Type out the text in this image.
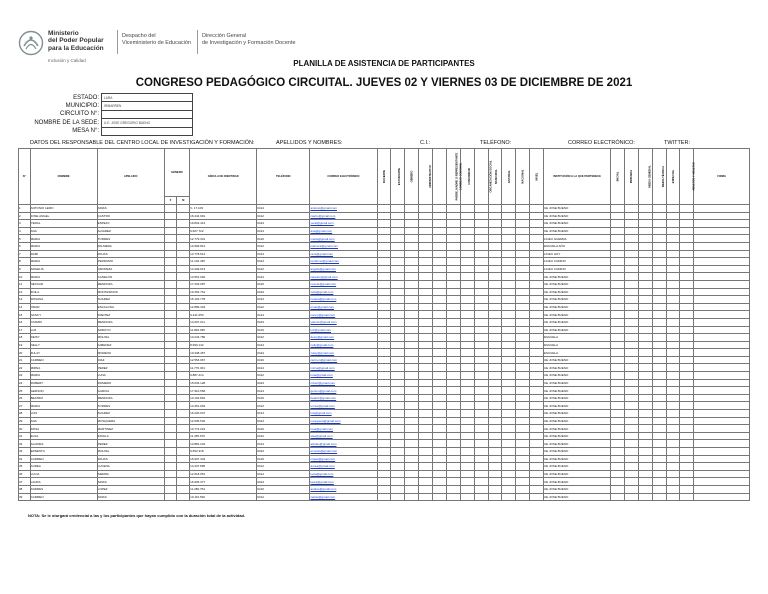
Ministerio
del Poder Popular
para la Educación
Inclusión y Calidad
Despacho del
Viceministerio de Educación
Dirección General
de Investigación y Formación Docente
PLANILLA DE ASISTENCIA DE PARTICIPANTES
CONGRESO PEDAGÓGICO CIRCUITAL. JUEVES 02 Y VIERNES 03 DE DICIEMBRE DE 2021
ESTADO:	LARA
MUNICIPIO:	IRIBARREN
CIRCUITO N°:	
NOMBRE DE LA SEDE:	U.E. JOSE GREGORIO BUENO
MESA N°:	
DATOS DEL RESPONSABLE DEL CENTRO LOCAL DE INVESTIGACIÓN Y FORMACIÓN:	APELLIDOS Y NOMBRES:	C.I.:	TELÉFONO:	CORREO ELECTRÓNICO:	TWITTER:
N°	NOMBRE	APELLIDO	GÉNERO		CÉDULA DE IDENTIDAD	TELÉFONO	CORREO ELECTRÓNICO	DOCENTE	ESTUDIANTE	OBRERO	ADMINISTRATIVO	PADRE, MADRE O REPRESENTANTE	CONSEJO COMUNAL	COMUNIDAD	ORGANIZACIÓN SOCIAL	MUNICIPAL	ESTADAL	NACIONAL	NIVEL	INSTITUCIÓN A LA QUE PERTENECE	INICIAL	PRIMARIA	MEDIA GENERAL	MEDIA TÉCNICA	ESPECIAL	ADULTOS Y ADULTAS	FIRMA
			F	M																							
1	ANTONIO LEMO	ARIAS			V- 17.109	0414	antonio@gmail.com													UE JOSE BUENO							
2	JOSE ANGEL	CASTRO			16.444.991	0412	castro@gmail.com													UE JOSE BUENO							
3	YERAL	ESPEJO			19.832.413	0424	yeral@gmail.com													UE JOSE BUENO							
4	ANA	ALVAREZ			9.607.722	0414	ana@gmail.com													UE JOSE BUENO							
5	MARIA	TORRES			12.779.331	0416	maria@gmail.com													LICEO GUERRA							
6	MARIA	PALMERA			10.999.812	0412	palmera@gmail.com													ESCUELA AÑO							
7	RAMI	ROJAS			13.778.514	0414	rami@gmail.com													LICEO HOY							
8	MARIA	PERDOMO			11.102.445	0424	perdomo@gmail.com													LICEO CAMINO							
9	ARGELIS	OROPEZA			14.209.613	0412	argelis@gmail.com													LICEO CAMINO							
10	MARIA	CANELON			13.561.002	0414	canelon@gmail.com													UE JOSE BUENO							
11	NEXCAR	MENDOZA			17.333.087	0416	nexcar@gmail.com													UE JOSE BUENO							
12	ZOILA	MONTESINOS			10.452.761	0424	zoila@gmail.com													UE JOSE BUENO							
13	ROSANA	SUAREZ			15.102.778	0414	rosana@gmail.com													UE JOSE BUENO							
14	OMAR	ESCALONA			12.889.404	0412	omar@gmail.com													UE JOSE BUENO							
15	NANCY	FREITEZ			9.441.650	0414	nancy@gmail.com													UE JOSE BUENO							
16	YASMIN	MENDOZA			14.607.211	0424	yasmin@gmail.com													UE JOSE BUENO							
17	LUZ	ARROYO			11.892.035	0416	luz@gmail.com													UE JOSE BUENO							
18	DEISY	MOLINA			13.244.780	0412	deisy@gmail.com													ESCUELA							
19	NELLY	GIMENEZ			8.990.142	0414	nelly@gmail.com													ESCUELA							
20	ZULAY	MORENO			10.338.457	0424	zulay@gmail.com													ESCUELA							
21	CARMEN	DIAZ			12.554.067	0416	carmen@gmail.com													UE JOSE BUENO							
22	MIRNA	PEREZ			11.776.301	0414	mirna@gmail.com													UE JOSE BUENO							
23	MARIA	LUNA			9.887.214	0412	luna@gmail.com													UE JOSE BUENO							
24	ROBERT	ROMERO			15.634.128	0424	robert@gmail.com													UE JOSE BUENO							
25	GERSON	GARCIA			17.910.556	0414	gerson@gmail.com													UE JOSE BUENO							
26	BEATRIZ	MENDOZA			13.102.891	0416	beatriz@gmail.com													UE JOSE BUENO							
27	MARIA	TORRES			14.451.063	0412	torres@gmail.com													UE JOSE BUENO							
28	LUIS	SUAREZ			16.220.947	0414	luis@gmail.com													UE JOSE BUENO							
29	ANA	MOSQUERA			12.006.532	0424	mosquera@gmail.com													UE JOSE BUENO							
30	ROSA	MARTINEZ			10.774.219	0416	rosa@gmail.com													UE JOSE BUENO							
31	ELSA	ZAVALA			11.455.670	0412	elsa@gmail.com													UE JOSE BUENO							
32	ALCIDES	PEREZ			13.881.204	0414	alcides@gmail.com													UE JOSE BUENO							
33	ERNESTO	MOLINA			9.552.318	0424	ernesto@gmail.com													UE JOSE BUENO							
34	CARMEN	ROJAS			15.907.442	0416	crojas@gmail.com													UE JOSE BUENO							
35	AUREA	LUCENA			14.337.895	0412	aurea@gmail.com													UE JOSE BUENO							
36	LUCIA	SIERRA			12.618.051	0414	lucia@gmail.com													UE JOSE BUENO							
37	LAURA	ARIAS			16.905.377	0424	laura@gmail.com													UE JOSE BUENO							
38	ANDRES	LOPEZ			11.280.764	0416	andres@gmail.com													UE JOSE BUENO							
39	CARMEN	ARIAS			10.116.529	0412	carias@gmail.com													UE JOSE BUENO							
NOTA: Se le otorgará credencial a las y los participantes que hayan cumplido con la duración total de la actividad.
